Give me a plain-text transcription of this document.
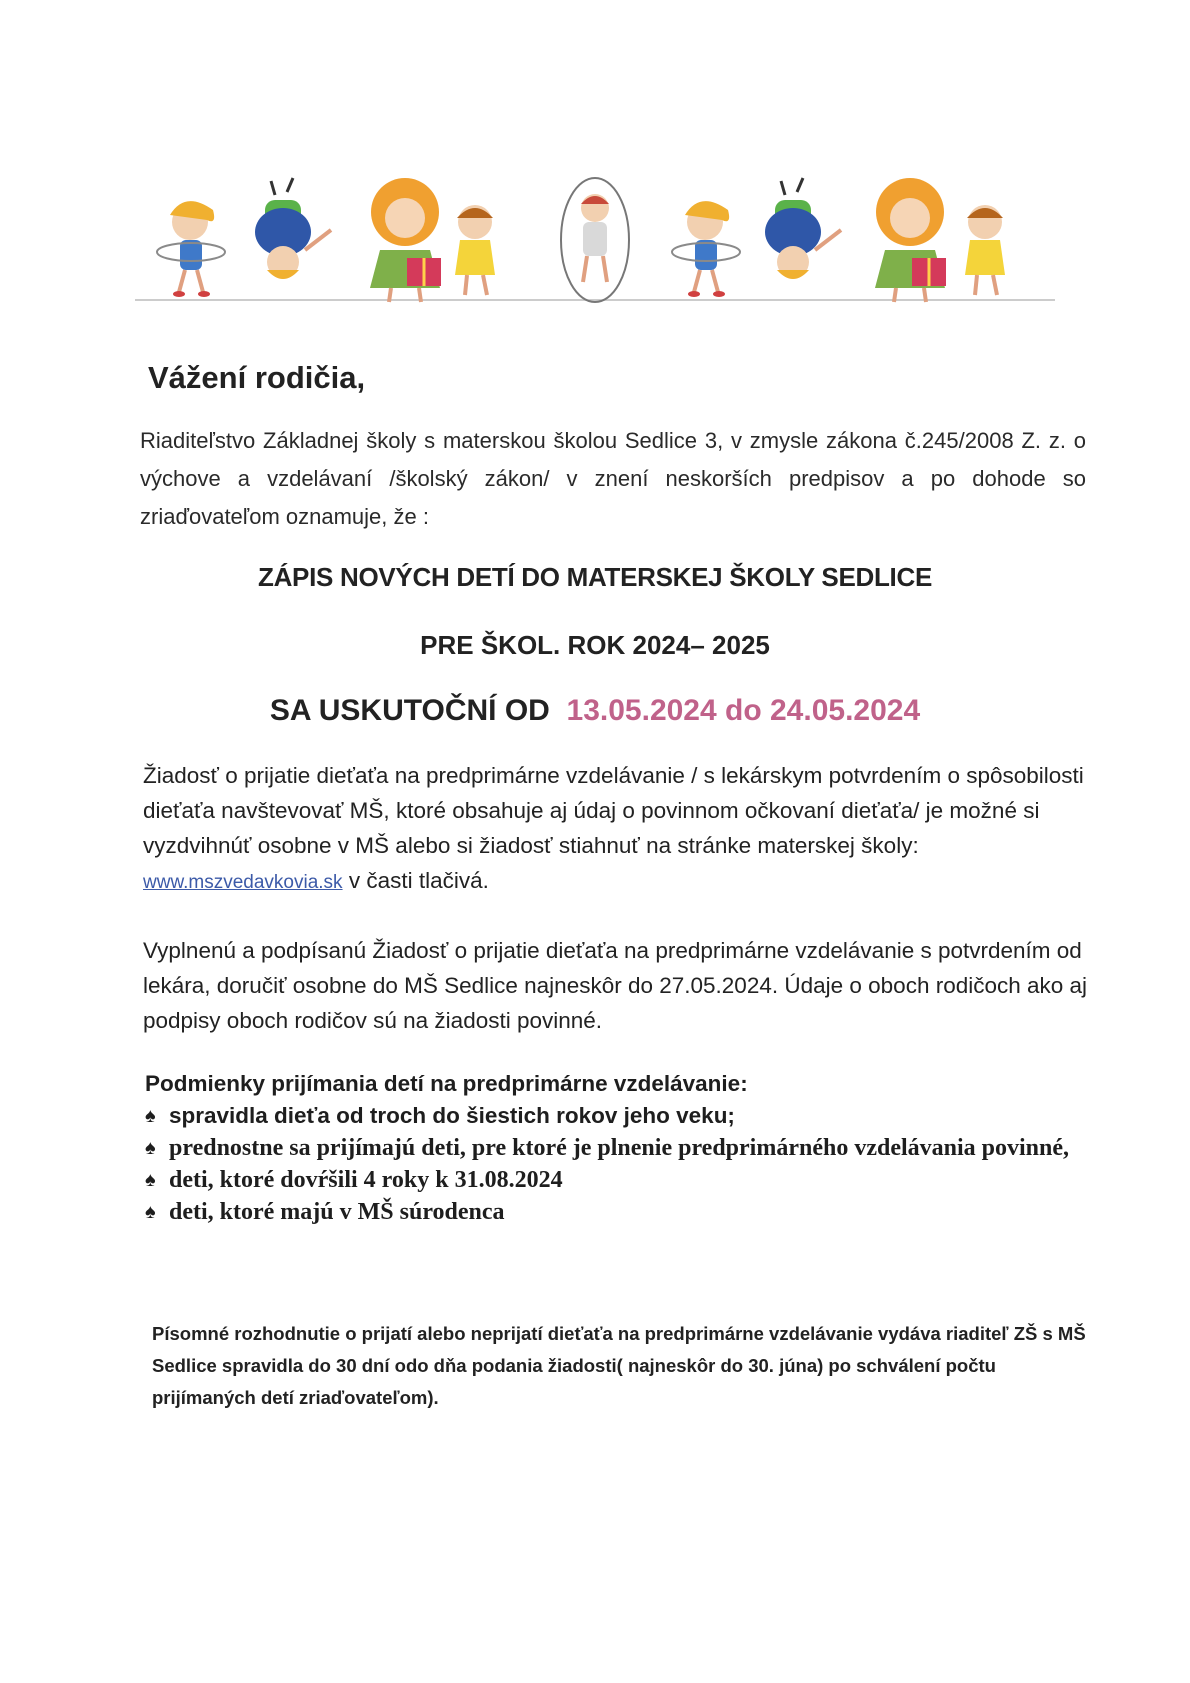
Vážení rodičia,
Riaditeľstvo Základnej školy s materskou školou Sedlice 3, v zmysle zákona č.245/2008 Z. z. o výchove a vzdelávaní /školský zákon/ v znení neskorších predpisov a po dohode so zriaďovateľom oznamuje, že :
ZÁPIS NOVÝCH DETÍ DO MATERSKEJ ŠKOLY SEDLICE
PRE ŠKOL. ROK 2024– 2025
SA USKUTOČNÍ OD 13.05.2024 do 24.05.2024
Žiadosť o prijatie dieťaťa na predprimárne vzdelávanie / s lekárskym potvrdením o spôsobilosti dieťaťa navštevovať MŠ, ktoré obsahuje aj údaj o povinnom očkovaní dieťaťa/ je možné si vyzdvihnúť osobne v MŠ alebo si žiadosť stiahnuť na stránke materskej školy: www.mszvedavkovia.sk v časti tlačivá.
Vyplnenú a podpísanú Žiadosť o prijatie dieťaťa na predprimárne vzdelávanie s potvrdením od lekára, doručiť osobne do MŠ Sedlice najneskôr do 27.05.2024. Údaje o oboch rodičoch ako aj podpisy oboch rodičov sú na žiadosti povinné.
Podmienky prijímania detí na predprimárne vzdelávanie:
♠ spravidla dieťa od troch do šiestich rokov jeho veku;
♠ prednostne sa prijímajú deti, pre ktoré je plnenie predprimárného vzdelávania povinné,
♠ deti, ktoré dovŕšili 4 roky k 31.08.2024
♠ deti, ktoré majú v MŠ súrodenca
Písomné rozhodnutie o prijatí alebo neprijatí dieťaťa na predprimárne vzdelávanie vydáva riaditeľ ZŠ s MŠ Sedlice spravidla do 30 dní odo dňa podania žiadosti( najneskôr do 30. júna) po schválení počtu prijímaných detí zriaďovateľom).
